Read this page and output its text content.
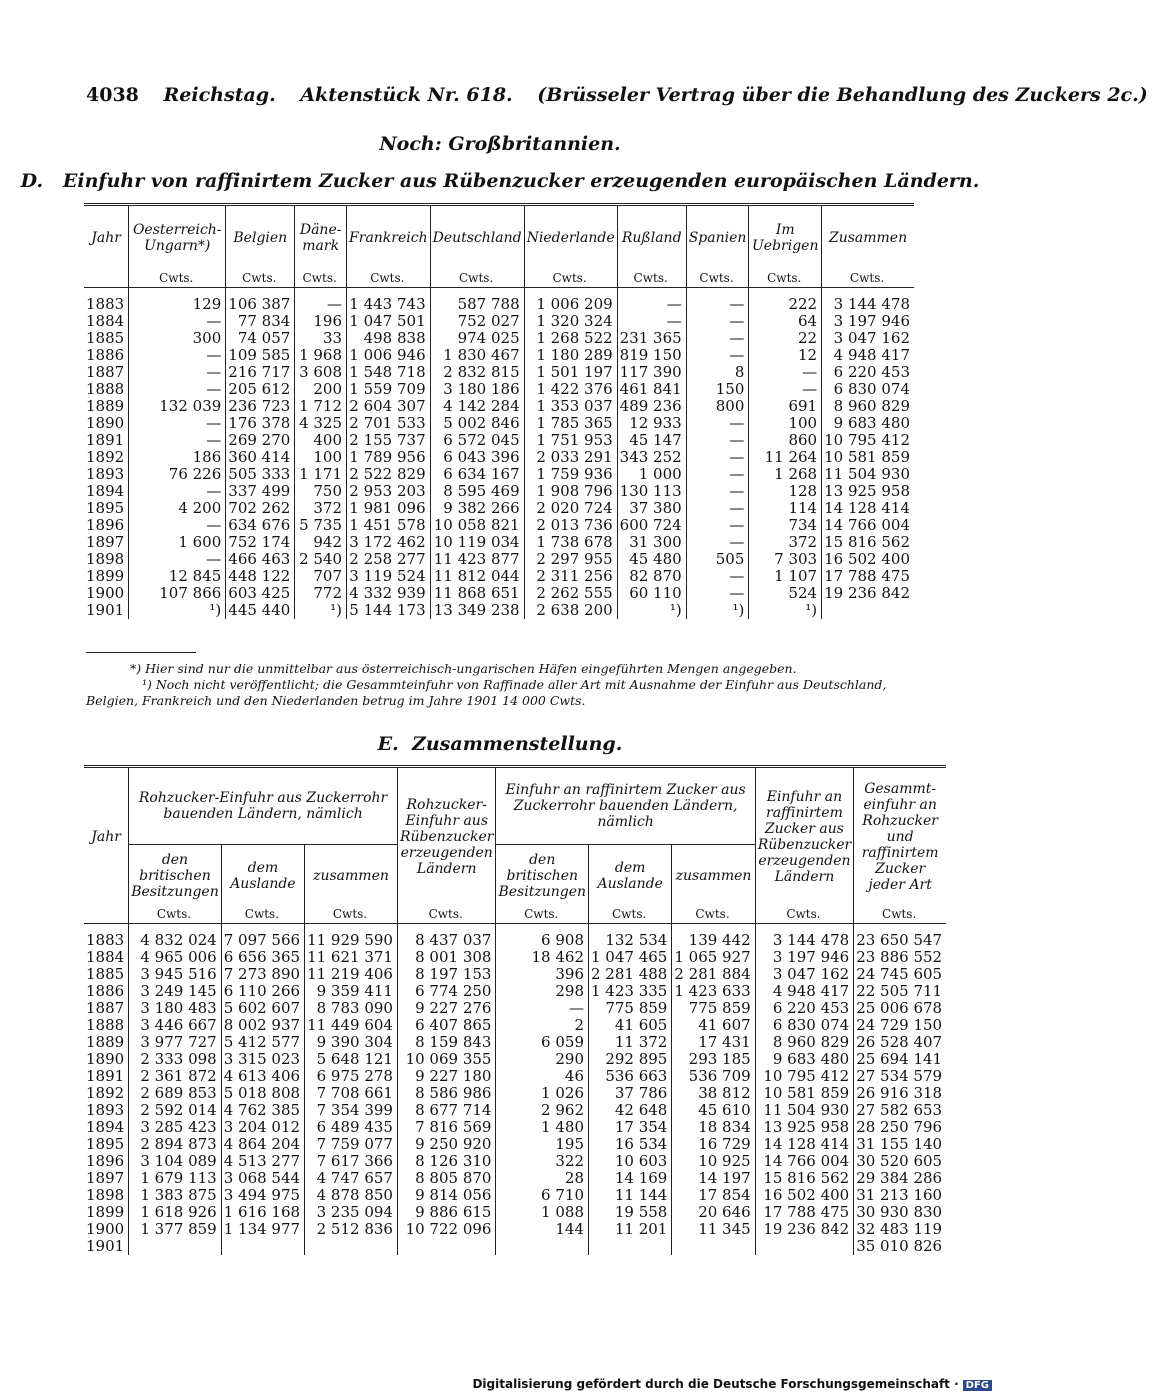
4038 Reichstag. Aktenstück Nr. 618. (Brüsseler Vertrag über die Behandlung des Zuckers 2c.)
Noch: Großbritannien.
D.   Einfuhr von raffinirtem Zucker aus Rübenzucker erzeugenden europäischen Ländern.
Jahr	Oesterreich-Ungarn*)	Belgien	Däne-mark	Frankreich	Deutschland	Niederlande	Rußland	Spanien	Im Uebrigen	Zusammen
	Cwts.	Cwts.	Cwts.	Cwts.	Cwts.	Cwts.	Cwts.	Cwts.	Cwts.	Cwts.

1883	129	106 387	—	1 443 743	587 788	1 006 209	—	—	222	3 144 478
1884	—	77 834	196	1 047 501	752 027	1 320 324	—	—	64	3 197 946
1885	300	74 057	33	498 838	974 025	1 268 522	231 365	—	22	3 047 162
1886	—	109 585	1 968	1 006 946	1 830 467	1 180 289	819 150	—	12	4 948 417
1887	—	216 717	3 608	1 548 718	2 832 815	1 501 197	117 390	8	—	6 220 453
1888	—	205 612	200	1 559 709	3 180 186	1 422 376	461 841	150	—	6 830 074
1889	132 039	236 723	1 712	2 604 307	4 142 284	1 353 037	489 236	800	691	8 960 829
1890	—	176 378	4 325	2 701 533	5 002 846	1 785 365	12 933	—	100	9 683 480
1891	—	269 270	400	2 155 737	6 572 045	1 751 953	45 147	—	860	10 795 412
1892	186	360 414	100	1 789 956	6 043 396	2 033 291	343 252	—	11 264	10 581 859
1893	76 226	505 333	1 171	2 522 829	6 634 167	1 759 936	1 000	—	1 268	11 504 930
1894	—	337 499	750	2 953 203	8 595 469	1 908 796	130 113	—	128	13 925 958
1895	4 200	702 262	372	1 981 096	9 382 266	2 020 724	37 380	—	114	14 128 414
1896	—	634 676	5 735	1 451 578	10 058 821	2 013 736	600 724	—	734	14 766 004
1897	1 600	752 174	942	3 172 462	10 119 034	1 738 678	31 300	—	372	15 816 562
1898	—	466 463	2 540	2 258 277	11 423 877	2 297 955	45 480	505	7 303	16 502 400
1899	12 845	448 122	707	3 119 524	11 812 044	2 311 256	82 870	—	1 107	17 788 475
1900	107 866	603 425	772	4 332 939	11 868 651	2 262 555	60 110	—	524	19 236 842
1901	¹)	445 440	¹)	5 144 173	13 349 238	2 638 200	¹)	¹)	¹)	
*) Hier sind nur die unmittelbar aus österreichisch-ungarischen Häfen eingeführten Mengen angegeben.
¹) Noch nicht veröffentlicht; die Gesammteinfuhr von Raffinade aller Art mit Ausnahme der Einfuhr aus Deutschland, Belgien, Frankreich und den Niederlanden betrug im Jahre 1901 14 000 Cwts.
E.  Zusammenstellung.
Jahr	Rohzucker-Einfuhr aus Zuckerrohr bauenden Ländern, nämlich			Rohzucker-Einfuhr aus Rübenzucker erzeugenden Ländern	Einfuhr an raffinirtem Zucker aus Zuckerrohr bauenden Ländern, nämlich			Einfuhr an raffinirtem Zucker aus Rübenzucker erzeugenden Ländern	Gesammt-einfuhr an Rohzucker und raffinirtem Zucker jeder Art
	den britischen Besitzungen	dem Auslande	zusammen		den britischen Besitzungen	dem Auslande	zusammen		
	Cwts.	Cwts.	Cwts.	Cwts.	Cwts.	Cwts.	Cwts.	Cwts.	Cwts.

1883	4 832 024	7 097 566	11 929 590	8 437 037	6 908	132 534	139 442	3 144 478	23 650 547
1884	4 965 006	6 656 365	11 621 371	8 001 308	18 462	1 047 465	1 065 927	3 197 946	23 886 552
1885	3 945 516	7 273 890	11 219 406	8 197 153	396	2 281 488	2 281 884	3 047 162	24 745 605
1886	3 249 145	6 110 266	9 359 411	6 774 250	298	1 423 335	1 423 633	4 948 417	22 505 711
1887	3 180 483	5 602 607	8 783 090	9 227 276	—	775 859	775 859	6 220 453	25 006 678
1888	3 446 667	8 002 937	11 449 604	6 407 865	2	41 605	41 607	6 830 074	24 729 150
1889	3 977 727	5 412 577	9 390 304	8 159 843	6 059	11 372	17 431	8 960 829	26 528 407
1890	2 333 098	3 315 023	5 648 121	10 069 355	290	292 895	293 185	9 683 480	25 694 141
1891	2 361 872	4 613 406	6 975 278	9 227 180	46	536 663	536 709	10 795 412	27 534 579
1892	2 689 853	5 018 808	7 708 661	8 586 986	1 026	37 786	38 812	10 581 859	26 916 318
1893	2 592 014	4 762 385	7 354 399	8 677 714	2 962	42 648	45 610	11 504 930	27 582 653
1894	3 285 423	3 204 012	6 489 435	7 816 569	1 480	17 354	18 834	13 925 958	28 250 796
1895	2 894 873	4 864 204	7 759 077	9 250 920	195	16 534	16 729	14 128 414	31 155 140
1896	3 104 089	4 513 277	7 617 366	8 126 310	322	10 603	10 925	14 766 004	30 520 605
1897	1 679 113	3 068 544	4 747 657	8 805 870	28	14 169	14 197	15 816 562	29 384 286
1898	1 383 875	3 494 975	4 878 850	9 814 056	6 710	11 144	17 854	16 502 400	31 213 160
1899	1 618 926	1 616 168	3 235 094	9 886 615	1 088	19 558	20 646	17 788 475	30 930 830
1900	1 377 859	1 134 977	2 512 836	10 722 096	144	11 201	11 345	19 236 842	32 483 119
1901									35 010 826
Digitalisierung gefördert durch die Deutsche Forschungsgemeinschaft · DFG
